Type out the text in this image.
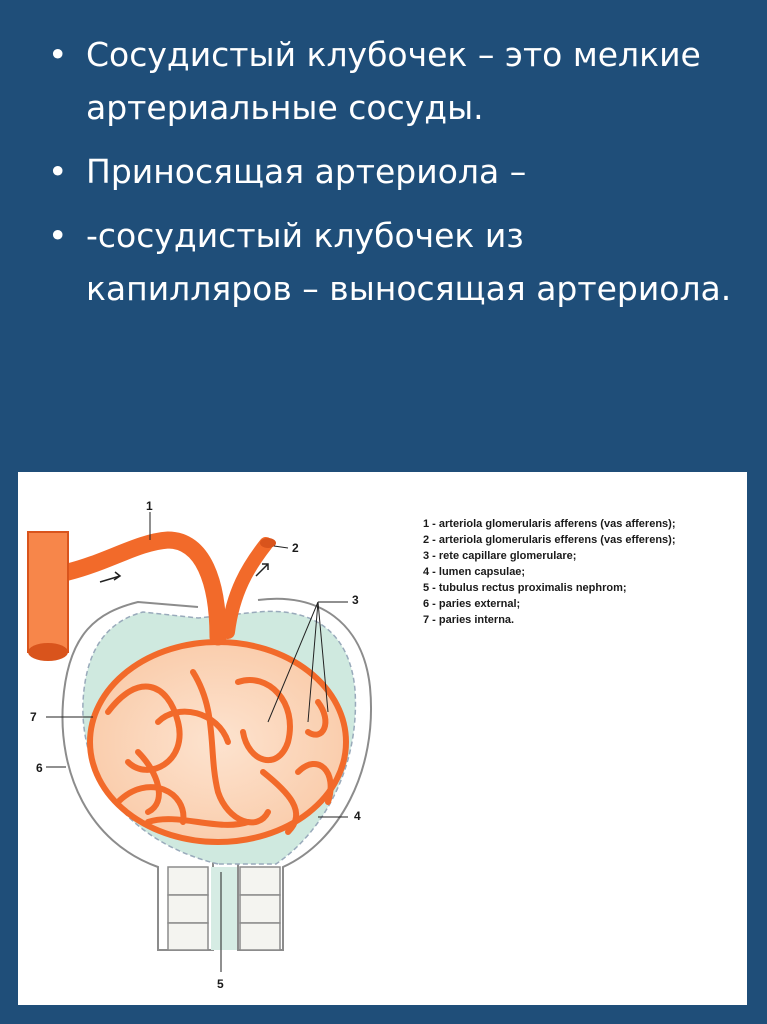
• Сосудистый клубочек – это мелкие артериальные сосуды.
• Приносящая артериола –
• -сосудистый клубочек из капилляров – выносящая артериола.
1
2
3
4
5
6
7
1 - arteriola glomerularis afferens (vas afferens);
2 - arteriola glomerularis efferens (vas efferens);
3 - rete capillare glomerulare;
4 - lumen capsulae;
5 - tubulus rectus proximalis nephrom;
6 - paries external;
7 - paries interna.
